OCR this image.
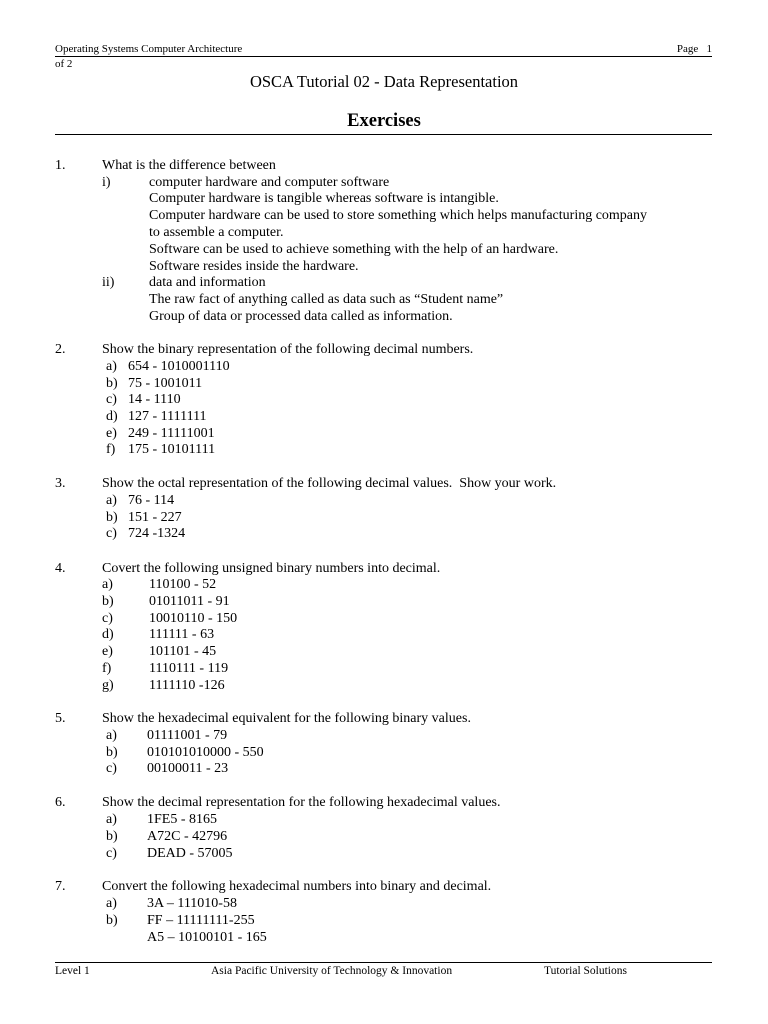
Operating Systems Computer Architecture	Page   1
of 2
OSCA Tutorial 02 - Data Representation
Exercises
1.	What is the difference between
i)	computer hardware and computer software
Computer hardware is tangible whereas software is intangible.
Computer hardware can be used to store something which helps manufacturing company
to assemble a computer.
Software can be used to achieve something with the help of an hardware.
Software resides inside the hardware.
ii) data and information
The raw fact of anything called as data such as “Student name”
Group of data or processed data called as information.
2.	Show the binary representation of the following decimal numbers.
a) 654 - 1010001110
b) 75 - 1001011
c) 14 - 1110
d) 127 - 1111111
e) 249 - 11111001
f) 175 - 10101111
3.	Show the octal representation of the following decimal values.  Show your work.
a) 76 - 114
b) 151 - 227
c) 724 -1324
4.	Covert the following unsigned binary numbers into decimal.
a)	110100 - 52
b)	01011011 - 91
c)	10010110 - 150
d)	111111 - 63
e)	101101 - 45
f)	1110111 - 119
g)	1111110 -126
5.	Show the hexadecimal equivalent for the following binary values.
a) 01111001 - 79
b) 010101010000 - 550
c) 00100011 - 23
6.	Show the decimal representation for the following hexadecimal values.
a) 1FE5 - 8165
b) A72C - 42796
c) DEAD - 57005
7.	Convert the following hexadecimal numbers into binary and decimal.
a) 3A – 111010-58
b) FF – 11111111-255
A5 – 10100101 - 165
Level 1	Asia Pacific University of Technology & Innovation	Tutorial Solutions
